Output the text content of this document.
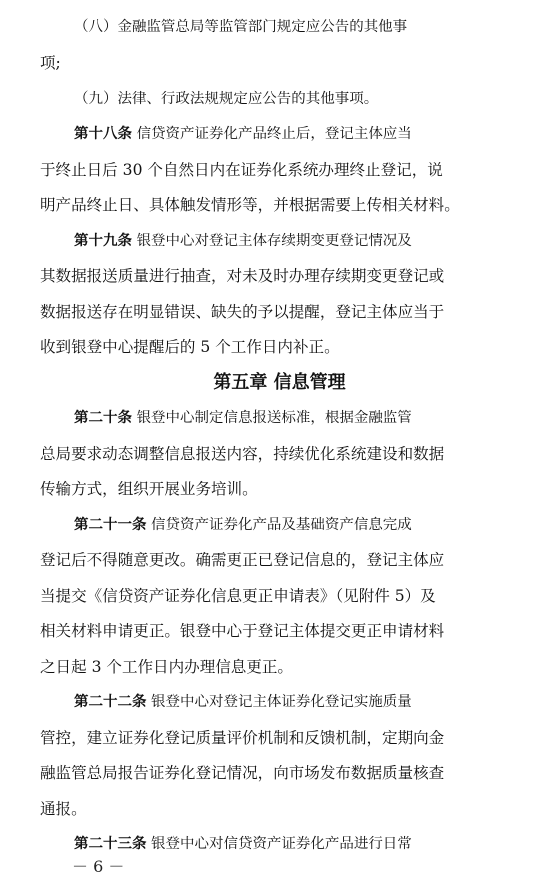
（八）金融监管总局等监管部门规定应公告的其他事
项;
（九）法律、行政法规规定应公告的其他事项。
第十八条 信贷资产证券化产品终止后，登记主体应当
于终止日后 30 个自然日内在证券化系统办理终止登记，说
明产品终止日、具体触发情形等，并根据需要上传相关材料。
第十九条 银登中心对登记主体存续期变更登记情况及
其数据报送质量进行抽查，对未及时办理存续期变更登记或
数据报送存在明显错误、缺失的予以提醒，登记主体应当于
收到银登中心提醒后的 5 个工作日内补正。
第五章 信息管理
第二十条 银登中心制定信息报送标准，根据金融监管
总局要求动态调整信息报送内容，持续优化系统建设和数据
传输方式，组织开展业务培训。
第二十一条 信贷资产证券化产品及基础资产信息完成
登记后不得随意更改。确需更正已登记信息的，登记主体应
当提交《信贷资产证券化信息更正申请表》（见附件 5）及
相关材料申请更正。银登中心于登记主体提交更正申请材料
之日起 3 个工作日内办理信息更正。
第二十二条 银登中心对登记主体证券化登记实施质量
管控，建立证券化登记质量评价机制和反馈机制，定期向金
融监管总局报告证券化登记情况，向市场发布数据质量核查
通报。
第二十三条 银登中心对信贷资产证券化产品进行日常
－ 6 －
